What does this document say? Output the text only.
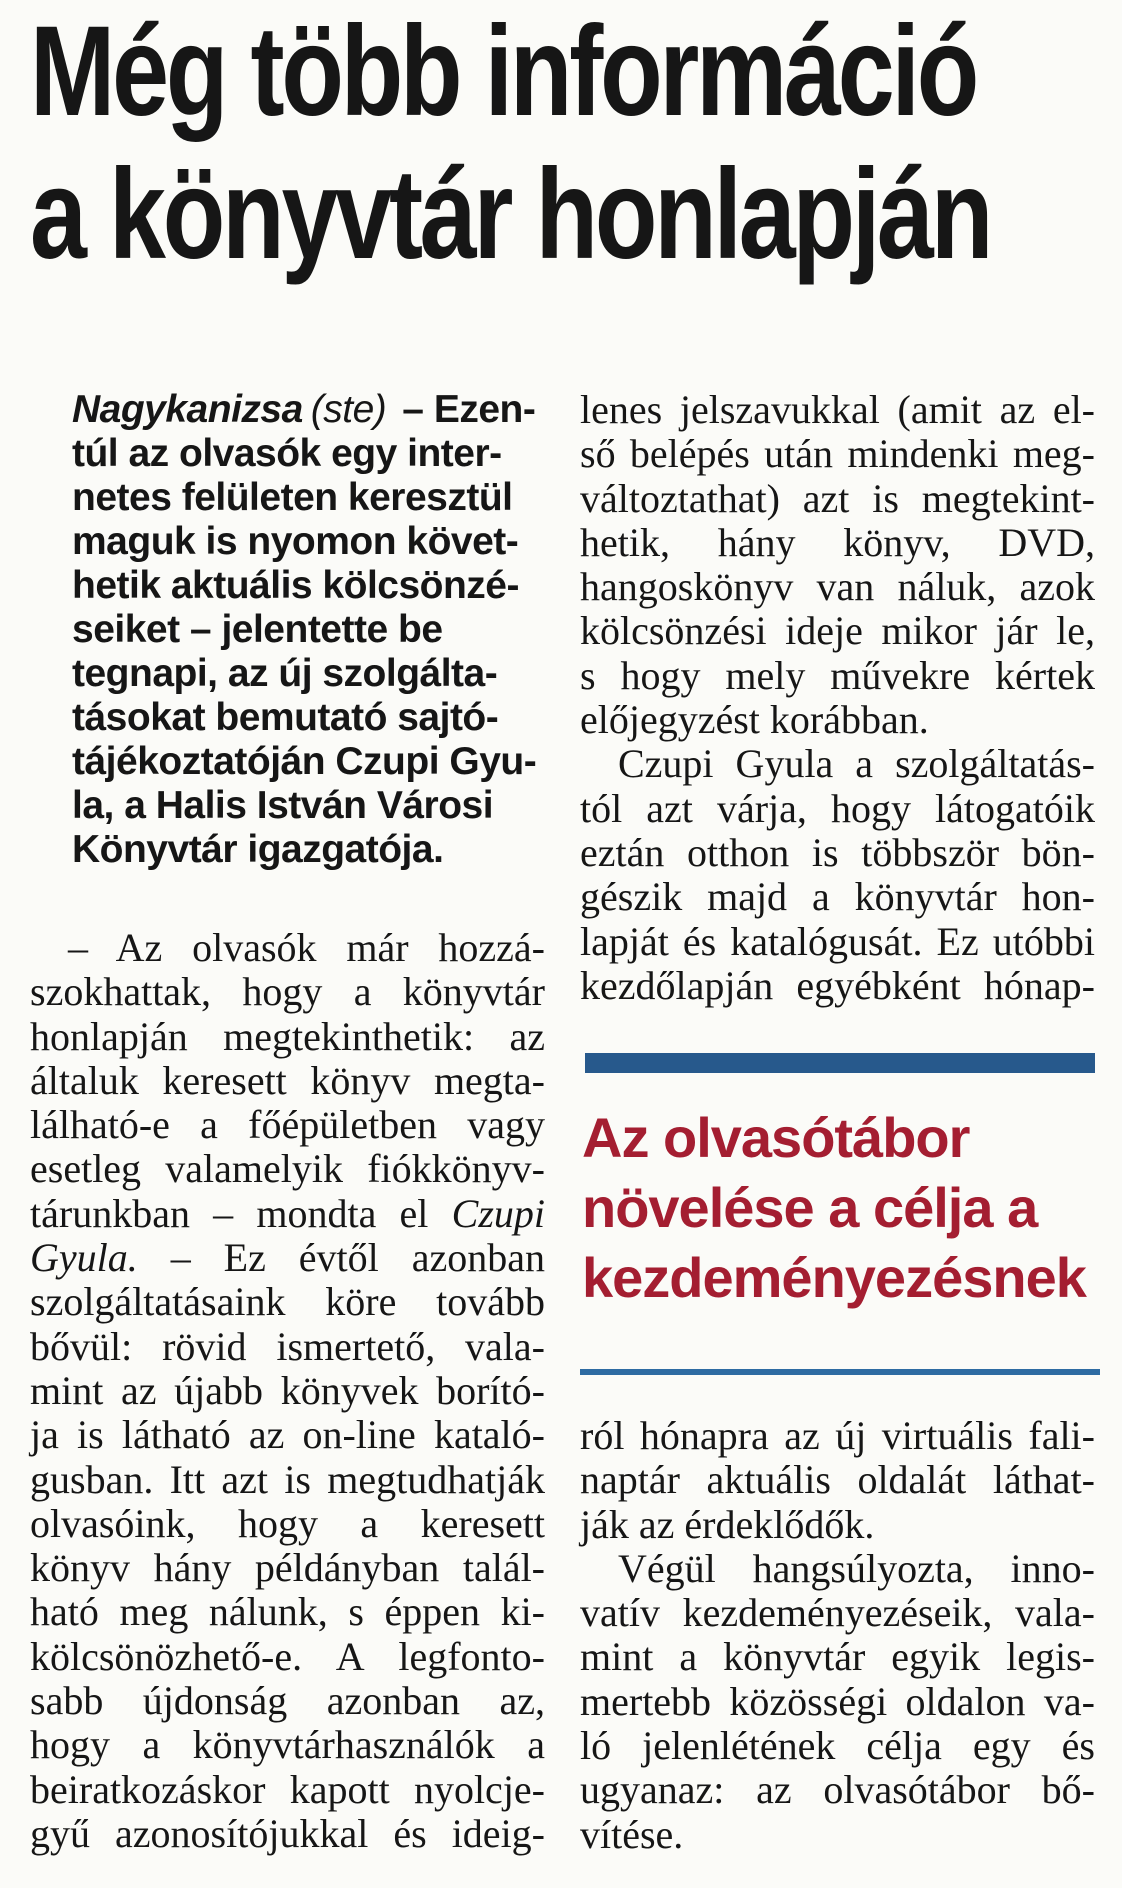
Még több információ
a könyvtár honlapján
Nagykanizsa (ste) – Ezen-
túl az olvasók egy inter-
netes felületen keresztül
maguk is nyomon követ-
hetik aktuális kölcsönzé-
seiket – jelentette be
tegnapi, az új szolgálta-
tásokat bemutató sajtó-
tájékoztatóján Czupi Gyu-
la, a Halis István Városi
Könyvtár igazgatója.
– Az olvasók már hozzá-
szokhattak, hogy a könyvtár
honlapján megtekinthetik: az
általuk keresett könyv megta-
lálható-e a főépületben vagy
esetleg valamelyik fiókkönyv-
tárunkban – mondta el Czupi
Gyula. – Ez évtől azonban
szolgáltatásaink köre tovább
bővül: rövid ismertető, vala-
mint az újabb könyvek borító-
ja is látható az on-line kataló-
gusban. Itt azt is megtudhatják
olvasóink, hogy a keresett
könyv hány példányban talál-
ható meg nálunk, s éppen ki-
kölcsönözhető-e. A legfonto-
sabb újdonság azonban az,
hogy a könyvtárhasználók a
beiratkozáskor kapott nyolcje-
gyű azonosítójukkal és ideig-
lenes jelszavukkal (amit az el-
ső belépés után mindenki meg-
változtathat) azt is megtekint-
hetik, hány könyv, DVD,
hangoskönyv van náluk, azok
kölcsönzési ideje mikor jár le,
s hogy mely művekre kértek
előjegyzést korábban.
Czupi Gyula a szolgáltatás-
tól azt várja, hogy látogatóik
eztán otthon is többször bön-
gészik majd a könyvtár hon-
lapját és katalógusát. Ez utóbbi
kezdőlapján egyébként hónap-
Az olvasótábor
növelése a célja a
kezdeményezésnek
ról hónapra az új virtuális fali-
naptár aktuális oldalát láthat-
ják az érdeklődők.
Végül hangsúlyozta, inno-
vatív kezdeményezéseik, vala-
mint a könyvtár egyik legis-
mertebb közösségi oldalon va-
ló jelenlétének célja egy és
ugyanaz: az olvasótábor bő-
vítése.
